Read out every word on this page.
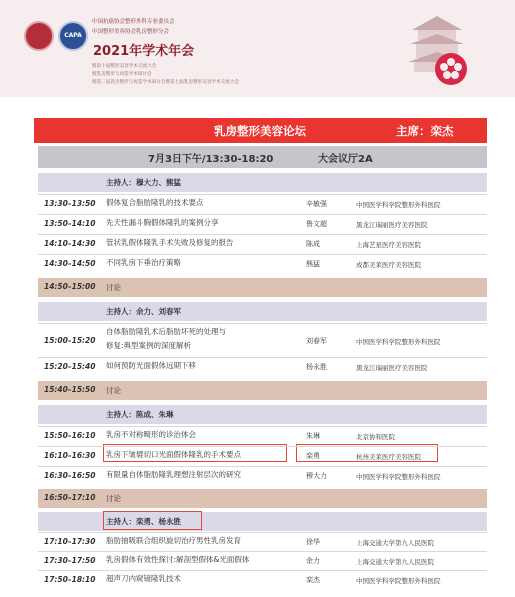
CAPA
中国抗癌协会整形外科专业委员会
中国整形美容协会乳房整形分会
2021年学术年会
暨第十届整形美容学术交流大会
暨乳房整形与再造学术研讨会
暨第三届乳房整形与再造学术研讨会暨第七届乳房整形美容学术交流大会
乳房整形美容论坛	主席：栾杰
7月3日下午/13:30-18:20	大会议厅2A
主持人：穆大力、熊猛
13:30–13:50 假体复合脂肪隆乳的技术要点	辛敏强	中国医学科学院整形外科医院
13:50–14:10 先天性漏斗胸假体隆乳的案例分享	鲁文超	黑龙江瑞丽医疗美容医院
14:10–14:30 管状乳假体隆乳手术失败及修复的报告	陈成	上海艺星医疗美容医院
14:30–14:50 不同乳房下垂治疗策略	熊猛	成都美莱医疗美容医院
14:50–15:00 讨论
主持人：余力、刘春军
15:00–15:20
自体脂肪隆乳术后脂肪坏死的处理与
修复:典型案例的深度解析	刘春军	中国医学科学院整形外科医院
15:20–15:40 如何预防光面假体远期下移	杨永胜	黑龙江瑞丽医疗美容医院
15:40–15:50 讨论
主持人：陈成、朱琳
15:50–16:10 乳房不对称畸形的诊治体会	朱琳	北京协和医院
16:10–16:30 乳房下皱襞切口光面假体隆乳的手术要点	栾勇	杭州美莱医疗美容医院
16:30–16:50 有限量自体脂肪隆乳理想注射层次的研究	穆大力	中国医学科学院整形外科医院
16:50–17:10 讨论
主持人：栾勇、杨永胜
17:10–17:30 脂肪抽吸联合组织旋切治疗男性乳房发育	徐华	上海交通大学第九人民医院
17:30–17:50 乳房假体有效性探讨:解剖型假体&光面假体	余力	上海交通大学第九人民医院
17:50–18:10 超声刀内窥镜隆乳技术	栾杰	中国医学科学院整形外科医院
